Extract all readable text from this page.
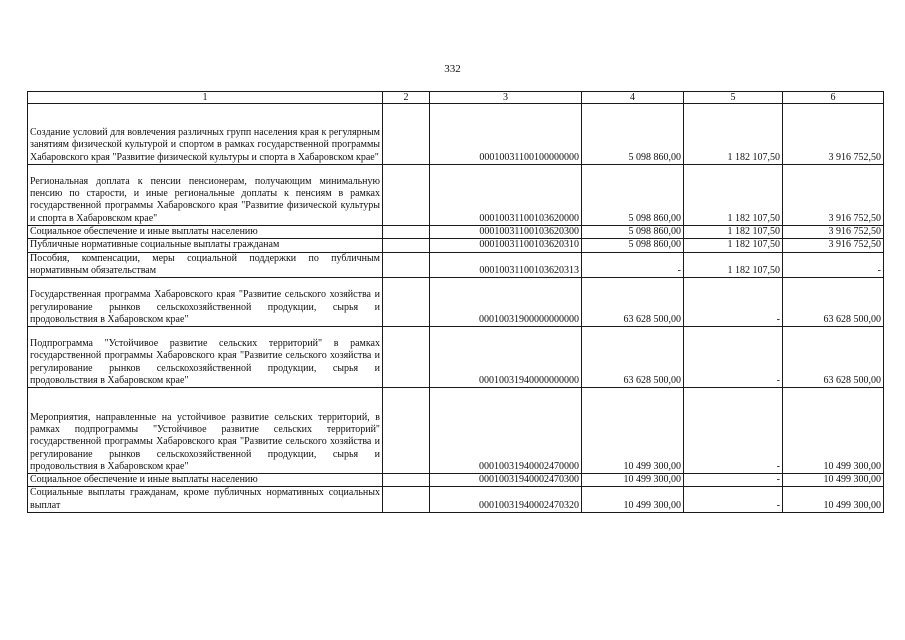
332
1	2	3	4	5	6
Создание условий для вовлечения различных групп населения края к регулярным занятиям физической культурой и спортом в рамках государственной программы Хабаровского края "Развитие физической культуры и спорта в Хабаровском крае"		00010031100100000000	5 098 860,00	1 182 107,50	3 916 752,50
Региональная доплата к пенсии пенсионерам, получающим минимальную пенсию по старости, и иные региональные доплаты к пенсиям в рамках государственной программы Хабаровского края "Развитие физической культуры и спорта в Хабаровском крае"		00010031100103620000	5 098 860,00	1 182 107,50	3 916 752,50
Социальное обеспечение и иные выплаты населению		00010031100103620300	5 098 860,00	1 182 107,50	3 916 752,50
Публичные нормативные социальные выплаты гражданам		00010031100103620310	5 098 860,00	1 182 107,50	3 916 752,50
Пособия, компенсации, меры социальной поддержки по публичным нормативным обязательствам		00010031100103620313	-	1 182 107,50	-
Государственная программа Хабаровского края "Развитие сельского хозяйства и регулирование рынков сельскохозяйственной продукции, сырья и продовольствия в Хабаровском крае"		00010031900000000000	63 628 500,00	-	63 628 500,00
Подпрограмма "Устойчивое развитие сельских территорий" в рамках государственной программы Хабаровского края "Развитие сельского хозяйства и регулирование рынков сельскохозяйственной продукции, сырья и продовольствия в Хабаровском крае"		00010031940000000000	63 628 500,00	-	63 628 500,00
Мероприятия, направленные на устойчивое развитие сельских территорий, в рамках подпрограммы "Устойчивое развитие сельских территорий" государственной программы Хабаровского края "Развитие сельского хозяйства и регулирование рынков сельскохозяйственной продукции, сырья и продовольствия в Хабаровском крае"		00010031940002470000	10 499 300,00	-	10 499 300,00
Социальное обеспечение и иные выплаты населению		00010031940002470300	10 499 300,00	-	10 499 300,00
Социальные выплаты гражданам, кроме публичных нормативных социальных выплат		00010031940002470320	10 499 300,00	-	10 499 300,00
